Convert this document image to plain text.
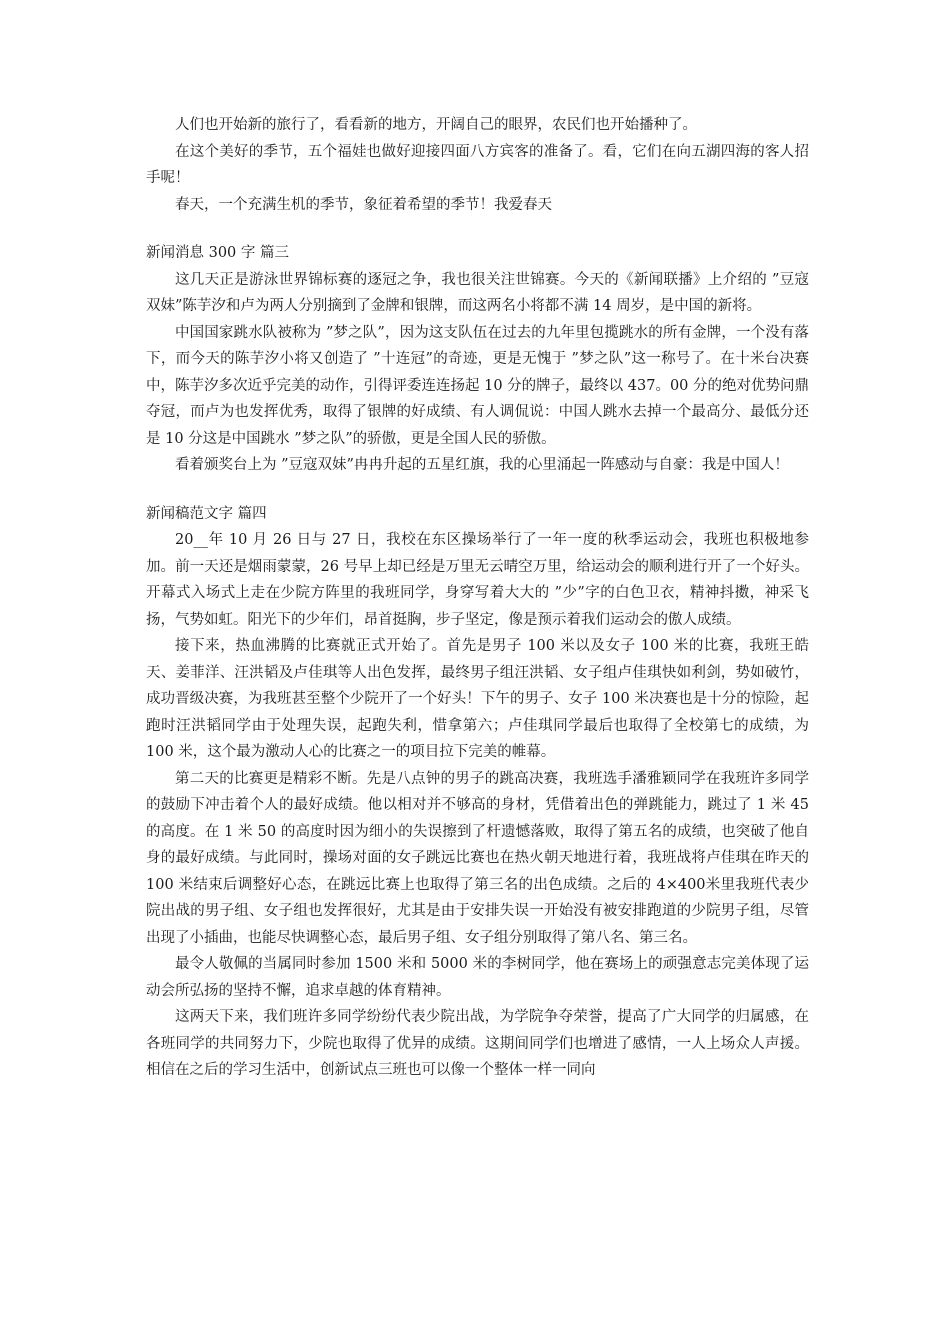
人们也开始新的旅行了，看看新的地方，开阔自己的眼界，农民们也开始播种了。

在这个美好的季节，五个福娃也做好迎接四面八方宾客的准备了。看，它们在向五湖四海的客人招手呢！

春天，一个充满生机的季节，象征着希望的季节！我爱春天

新闻消息 300 字 篇三

这几天正是游泳世界锦标赛的逐冠之争，我也很关注世锦赛。今天的《新闻联播》上介绍的 ”豆寇双妹”陈芋汐和卢为两人分别摘到了金牌和银牌，而这两名小将都不满 14 周岁，是中国的新将。

中国国家跳水队被称为 ”梦之队”，因为这支队伍在过去的九年里包揽跳水的所有金牌，一个没有落下，而今天的陈芋汐小将又创造了 ”十连冠”的奇迹，更是无愧于 ”梦之队”这一称号了。在十米台决赛中，陈芋汐多次近乎完美的动作，引得评委连连扬起 10 分的牌子，最终以 437。00 分的绝对优势问鼎夺冠，而卢为也发挥优秀，取得了银牌的好成绩、有人调侃说：中国人跳水去掉一个最高分、最低分还是 10 分这是中国跳水 ”梦之队”的骄傲，更是全国人民的骄傲。

看着颁奖台上为 ”豆寇双妹”冉冉升起的五星红旗，我的心里涌起一阵感动与自豪：我是中国人！

新闻稿范文字 篇四

20__年 10 月 26 日与 27 日，我校在东区操场举行了一年一度的秋季运动会，我班也积极地参加。前一天还是烟雨蒙蒙，26 号早上却已经是万里无云晴空万里，给运动会的顺利进行开了一个好头。开幕式入场式上走在少院方阵里的我班同学，身穿写着大大的 ”少”字的白色卫衣，精神抖擞，神采飞扬，气势如虹。阳光下的少年们，昂首挺胸，步子坚定，像是预示着我们运动会的傲人成绩。

接下来，热血沸腾的比赛就正式开始了。首先是男子 100 米以及女子 100 米的比赛，我班王皓天、姜菲洋、汪洪韬及卢佳琪等人出色发挥，最终男子组汪洪韬、女子组卢佳琪快如利剑，势如破竹，成功晋级决赛，为我班甚至整个少院开了一个好头！下午的男子、女子 100 米决赛也是十分的惊险，起跑时汪洪韬同学由于处理失误，起跑失利，惜拿第六；卢佳琪同学最后也取得了全校第七的成绩，为 100 米，这个最为激动人心的比赛之一的项目拉下完美的帷幕。

第二天的比赛更是精彩不断。先是八点钟的男子的跳高决赛，我班选手潘雅颖同学在我班许多同学的鼓励下冲击着个人的最好成绩。他以相对并不够高的身材，凭借着出色的弹跳能力，跳过了 1 米 45 的高度。在 1 米 50 的高度时因为细小的失误擦到了杆遗憾落败，取得了第五名的成绩，也突破了他自身的最好成绩。与此同时，操场对面的女子跳远比赛也在热火朝天地进行着，我班战将卢佳琪在昨天的 100 米结束后调整好心态，在跳远比赛上也取得了第三名的出色成绩。之后的 4×400米里我班代表少院出战的男子组、女子组也发挥很好，尤其是由于安排失误一开始没有被安排跑道的少院男子组，尽管出现了小插曲，也能尽快调整心态，最后男子组、女子组分别取得了第八名、第三名。

最令人敬佩的当属同时参加 1500 米和 5000 米的李树同学，他在赛场上的顽强意志完美体现了运动会所弘扬的坚持不懈，追求卓越的体育精神。

这两天下来，我们班许多同学纷纷代表少院出战，为学院争夺荣誉，提高了广大同学的归属感，在各班同学的共同努力下，少院也取得了优异的成绩。这期间同学们也增进了感情，一人上场众人声援。相信在之后的学习生活中，创新试点三班也可以像一个整体一样一同向
